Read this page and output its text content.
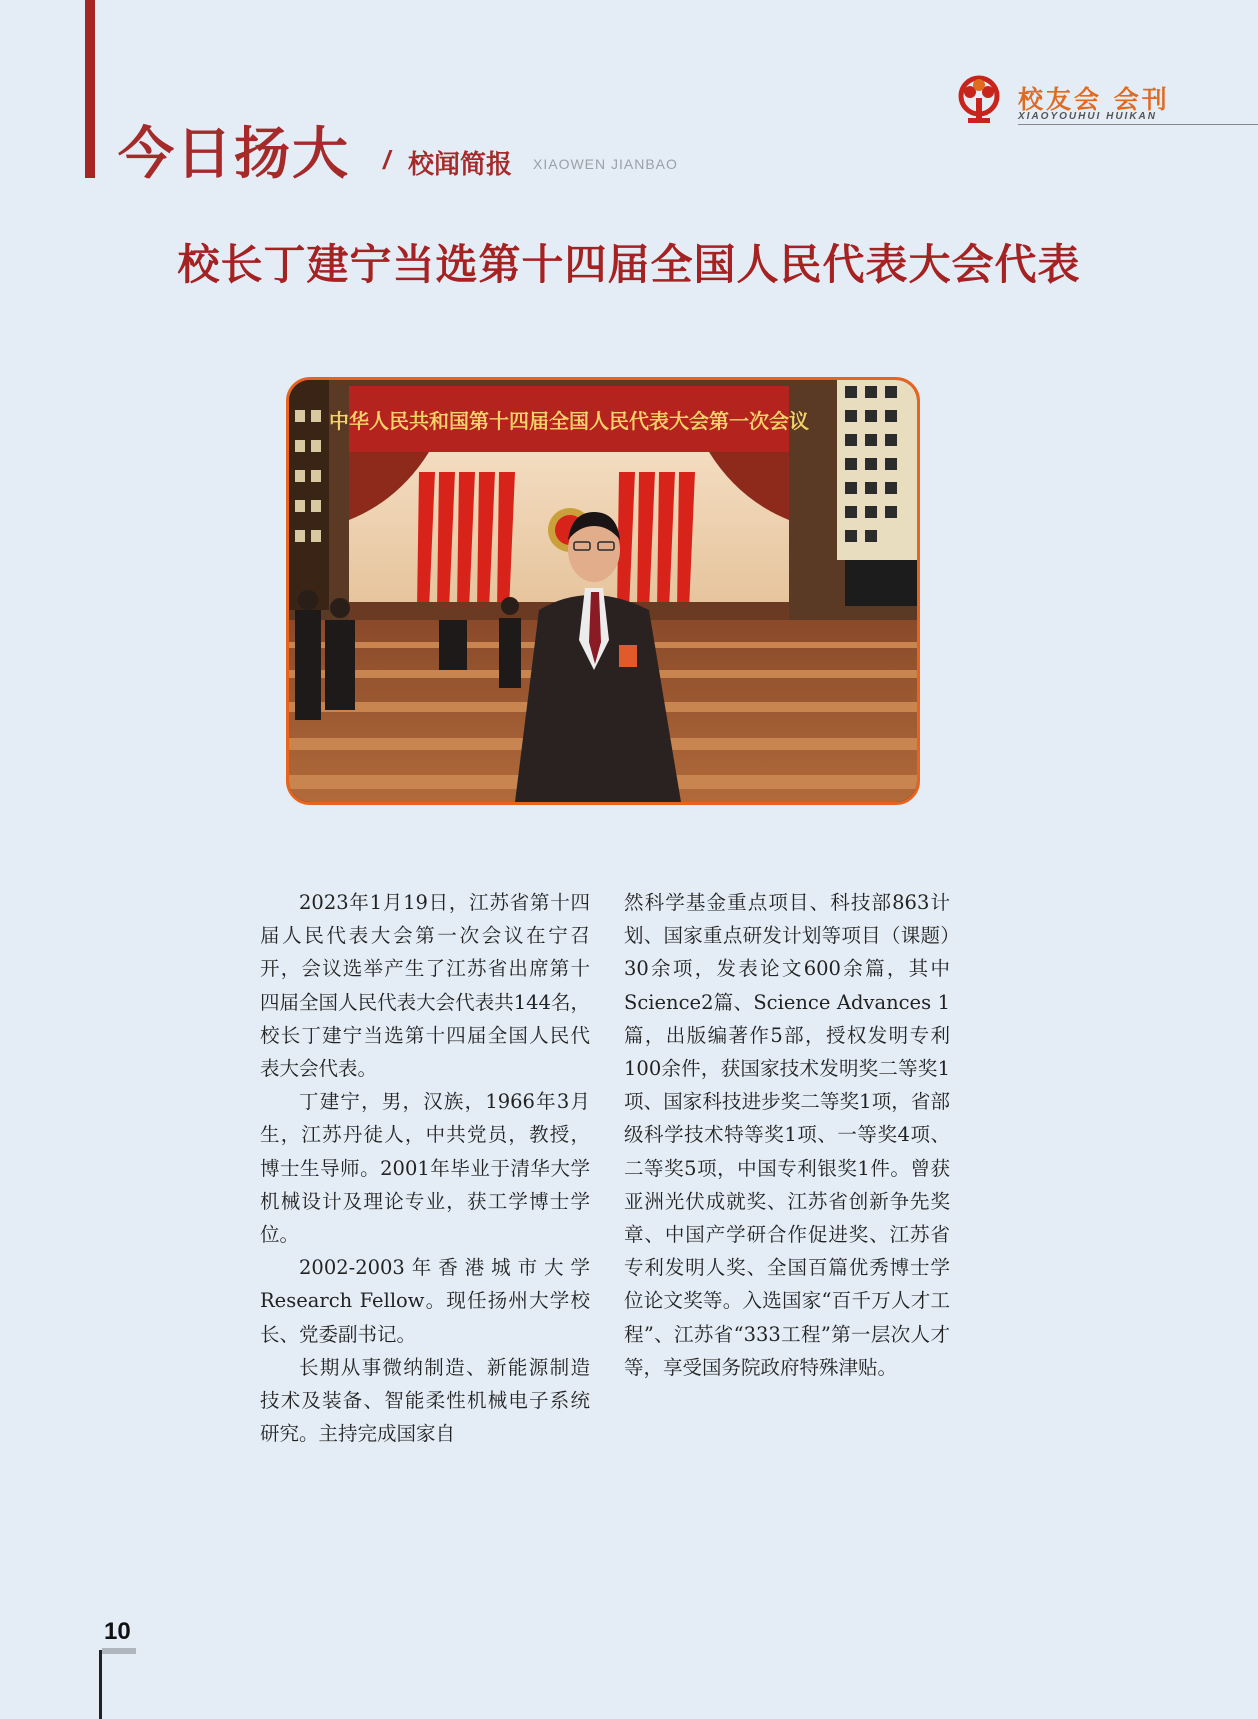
今日扬大 / 校闻简报 XIAOWEN JIANBAO
校友会 会刊
XIAOYOUHUI HUIKAN
校长丁建宁当选第十四届全国人民代表大会代表
中华人民共和国第十四届全国人民代表大会第一次会议

2023年1月19日，江苏省第十四届人民代表大会第一次会议在宁召开，会议选举产生了江苏省出席第十四届全国人民代表大会代表共144名，校长丁建宁当选第十四届全国人民代表大会代表。

丁建宁，男，汉族，1966年3月生，江苏丹徒人，中共党员，教授，博士生导师。2001年毕业于清华大学机械设计及理论专业，获工学博士学位。

2002-2003年香港城市大学Research Fellow。现任扬州大学校长、党委副书记。

长期从事微纳制造、新能源制造技术及装备、智能柔性机械电子系统研究。主持完成国家自

然科学基金重点项目、科技部863计划、国家重点研发计划等项目（课题）30余项，发表论文600余篇，其中Science2篇、Science Advances 1篇，出版编著作5部，授权发明专利100余件，获国家技术发明奖二等奖1项、国家科技进步奖二等奖1项，省部级科学技术特等奖1项、一等奖4项、二等奖5项，中国专利银奖1件。曾获亚洲光伏成就奖、江苏省创新争先奖章、中国产学研合作促进奖、江苏省专利发明人奖、全国百篇优秀博士学位论文奖等。入选国家“百千万人才工程”、江苏省“333工程”第一层次人才等，享受国务院政府特殊津贴。

10
